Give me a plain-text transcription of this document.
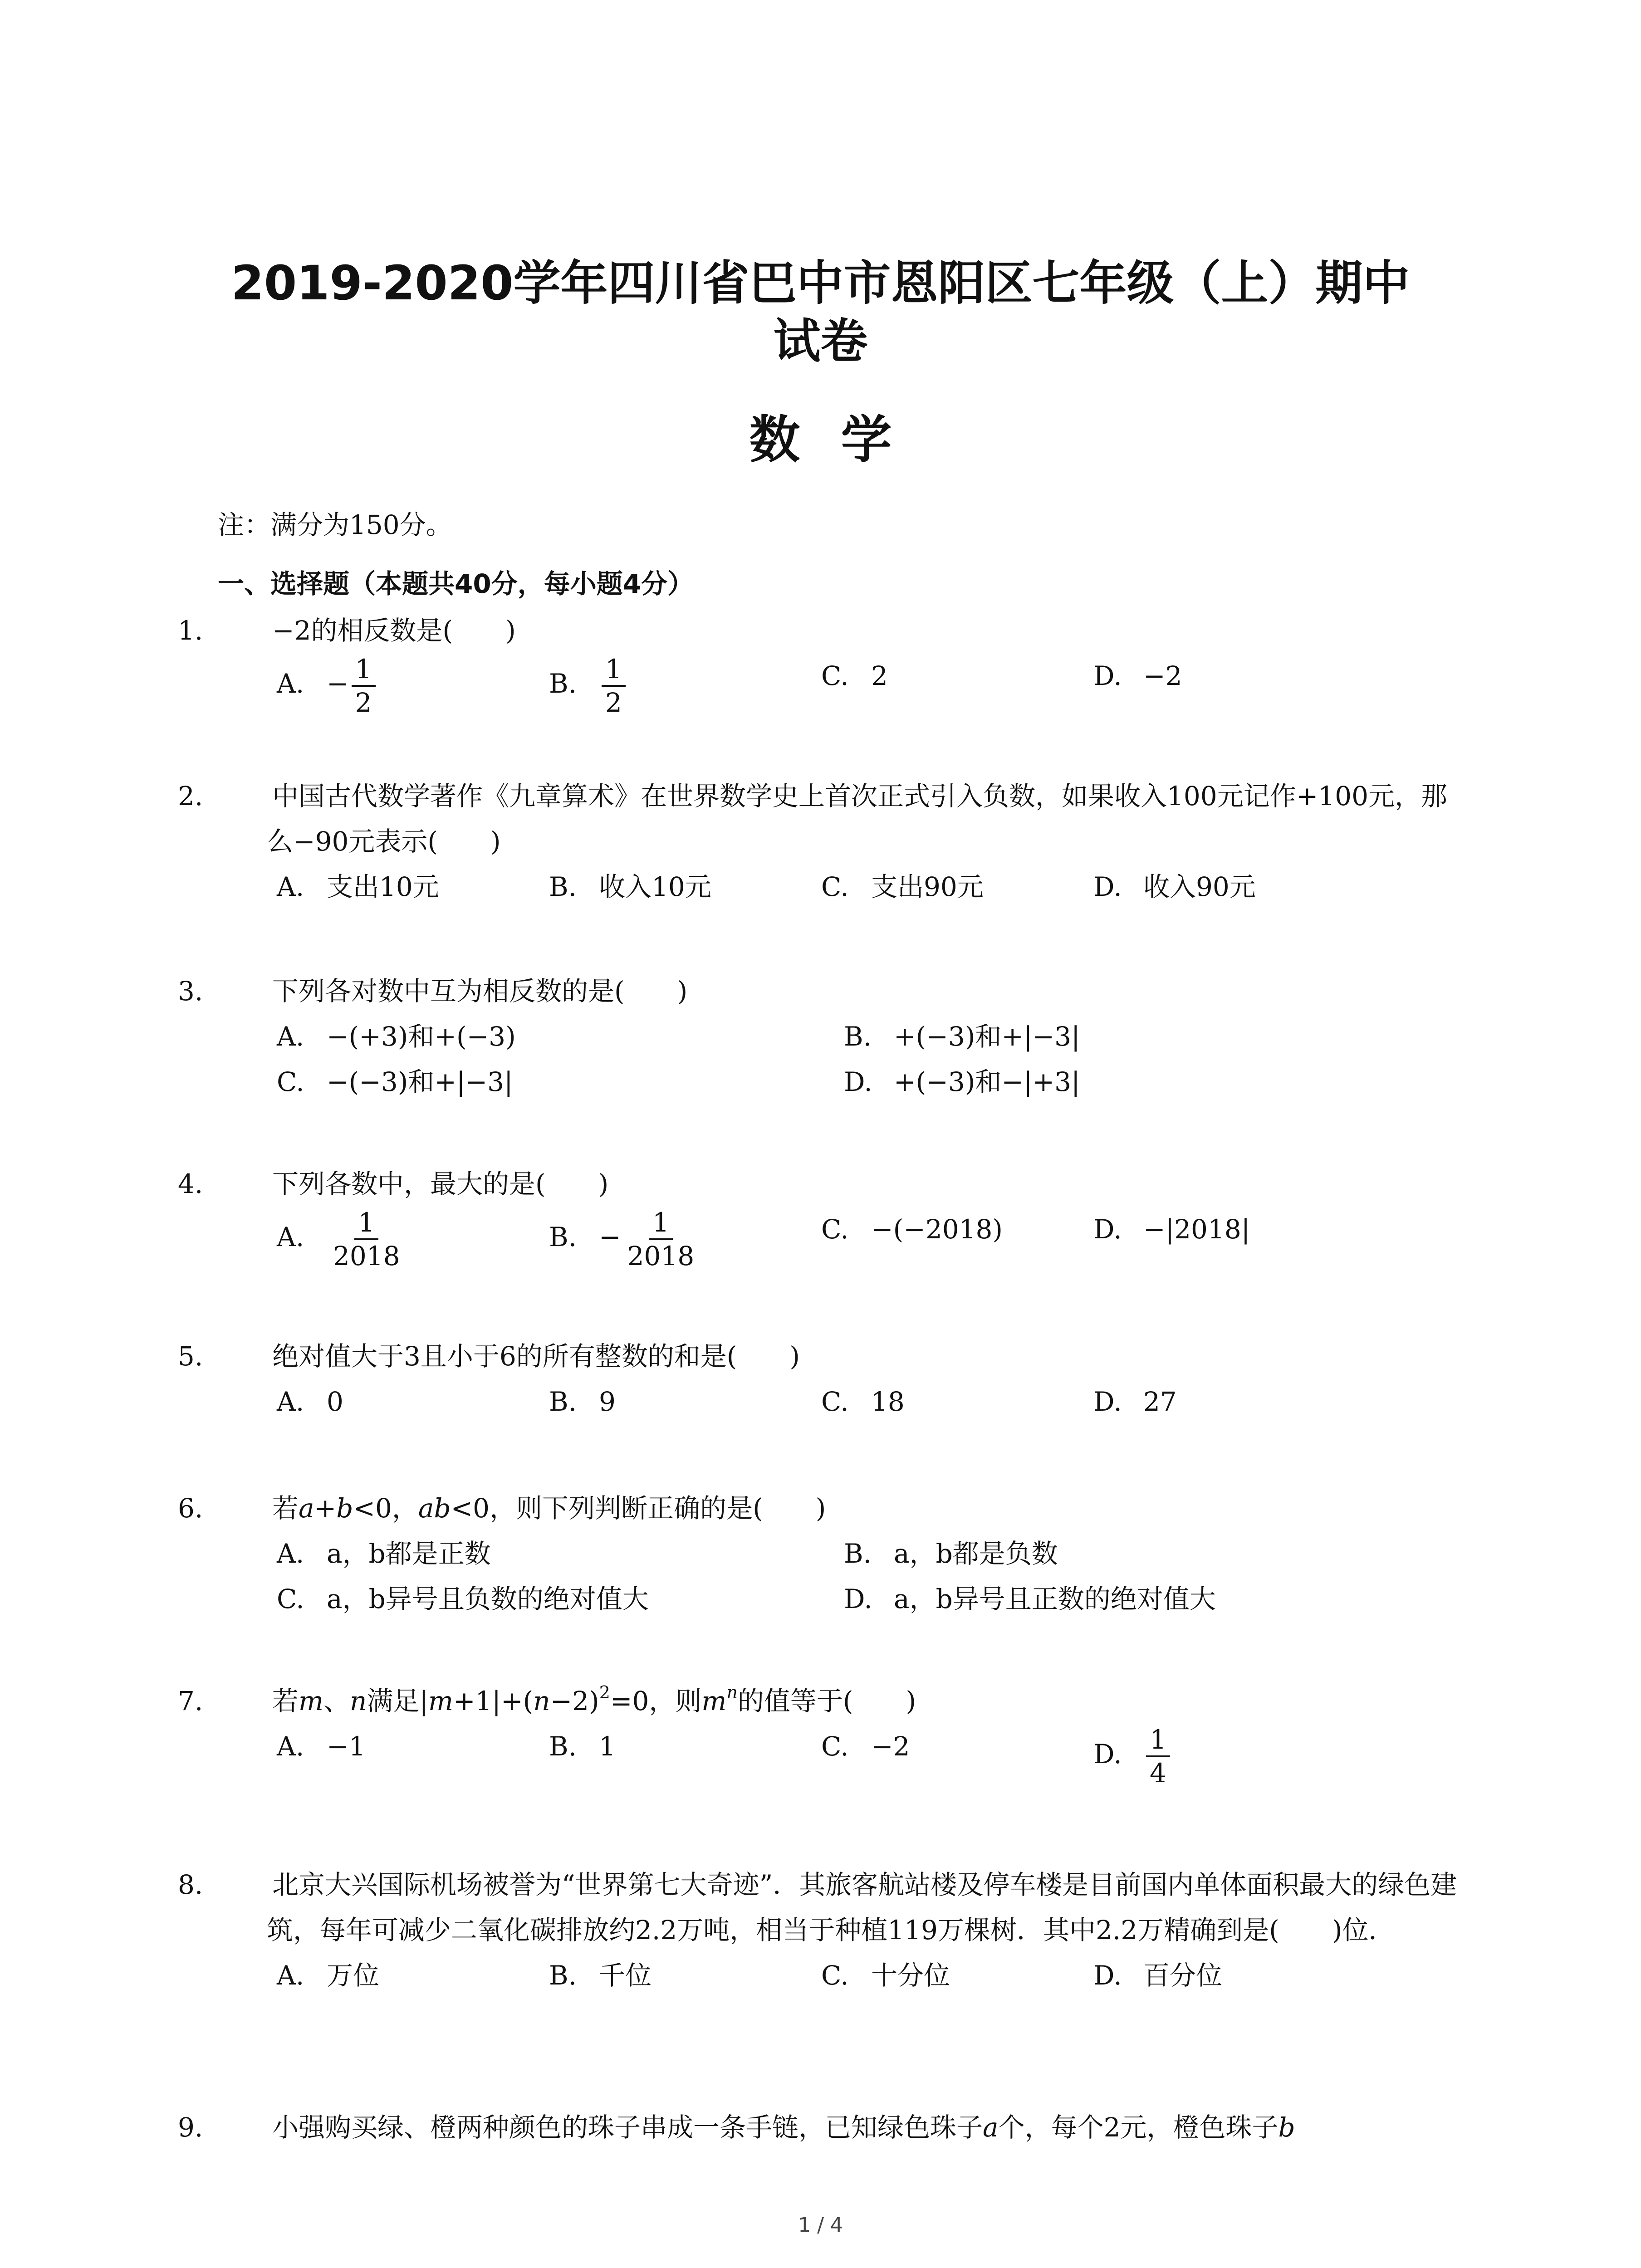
2019-2020学年四川省巴中市恩阳区七年级（上）期中
试卷
数学

注：满分为150分。

一、选择题（本题共40分，每小题4分）

1.	−2的相反数是(　　)

A. − $\frac{1}{2}$	B. $\frac{1}{2}$	C. 2	D. −2

2.	中国古代数学著作《九章算术》在世界数学史上首次正式引入负数，如果收入100元记作+100元，那么−90元表示(　　)

A. 支出10元	B. 收入10元	C. 支出90元	D. 收入90元

3.	下列各对数中互为相反数的是(　　)

A. −(+3)和+(−3)	B. +(−3)和+|−3|
C. −(−3)和+|−3|	D. +(−3)和−|+3|

4.	下列各数中，最大的是(　　)

A. $\frac{1}{2018}$	B. − $\frac{1}{2018}$	C. −(−2018)	D. −|2018|

5.	绝对值大于3且小于6的所有整数的和是(　　)

A. 0	B. 9	C. 18	D. 27

6.	若a+b<0，ab<0，则下列判断正确的是(　　)

A. a，b都是正数	B. a，b都是负数
C. a，b异号且负数的绝对值大	D. a，b异号且正数的绝对值大

7.	若m、n满足$|m+1|+(n-2)^2=0$，则$m^n$的值等于(　　)

A. −1	B. 1	C. −2	D. $\frac{1}{4}$

8.	北京大兴国际机场被誉为“世界第七大奇迹”．其旅客航站楼及停车楼是目前国内单体面积最大的绿色建筑，每年可减少二氧化碳排放约2.2万吨，相当于种植119万棵树．其中2.2万精确到是(　　)位．

A. 万位	B. 千位	C. 十分位	D. 百分位

9.	小强购买绿、橙两种颜色的珠子串成一条手链，已知绿色珠子a个，每个2元，橙色珠子b

1 / 4
